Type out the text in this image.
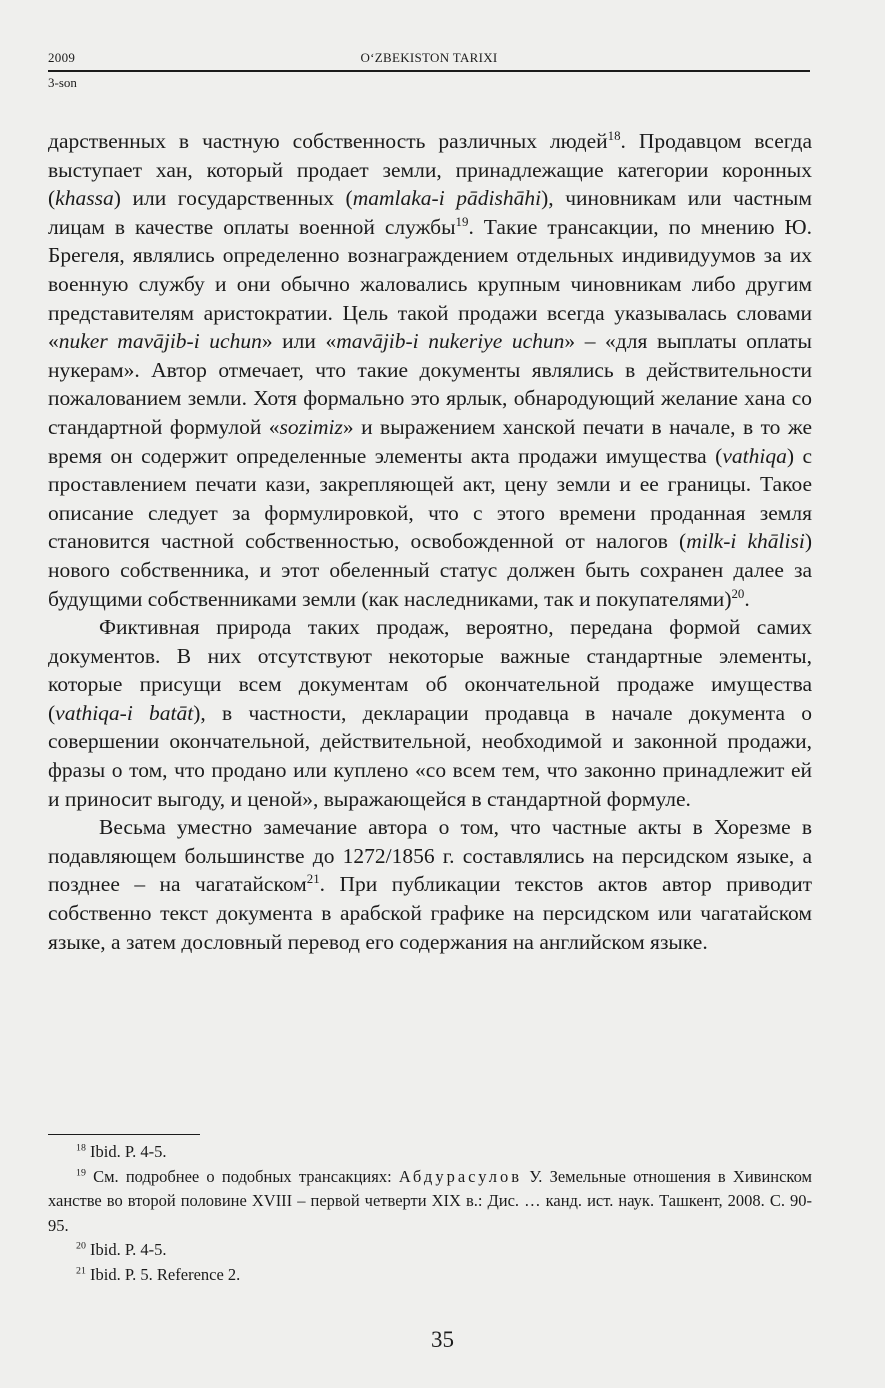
2009	O‘ZBEKISTON TARIXI
3-son

дарственных в частную собственность различных людей$^{18}$. Продавцом всегда выступает хан, который продает земли, принадлежащие категории коронных (khassa) или государственных (mamlaka-i pādishāhi), чиновникам или частным лицам в качестве оплаты военной службы$^{19}$. Такие трансакции, по мнению Ю. Брегеля, являлись определенно вознаграждением отдельных индивидуумов за их военную службу и они обычно жаловались крупным чиновникам либо другим представителям аристократии. Цель такой продажи всегда указывалась словами «nuker mavājib-i uchun» или «mavājib-i nukeriye uchun» – «для выплаты оплаты нукерам». Автор отмечает, что такие документы являлись в действительности пожалованием земли. Хотя формально это ярлык, обнародующий желание хана со стандартной формулой «sozimiz» и выражением ханской печати в начале, в то же время он содержит определенные элементы акта продажи имущества (vathiqa) с проставлением печати кази, закрепляющей акт, цену земли и ее границы. Такое описание следует за формулировкой, что с этого времени проданная земля становится частной собственностью, освобожденной от налогов (milk-i khālisi) нового собственника, и этот обеленный статус должен быть сохранен далее за будущими собственниками земли (как наследниками, так и покупателями)$^{20}$.

Фиктивная природа таких продаж, вероятно, передана формой самих документов. В них отсутствуют некоторые важные стандартные элементы, которые присущи всем документам об окончательной продаже имущества (vathiqa-i batāt), в частности, декларации продавца в начале документа о совершении окончательной, действительной, необходимой и законной продажи, фразы о том, что продано или куплено «со всем тем, что законно принадлежит ей и приносит выгоду, и ценой», выражающейся в стандартной формуле.

Весьма уместно замечание автора о том, что частные акты в Хорезме в подавляющем большинстве до 1272/1856 г. составлялись на персидском языке, а позднее – на чагатайском$^{21}$. При публикации текстов актов автор приводит собственно текст документа в арабской графике на персидском или чагатайском языке, а затем дословный перевод его содержания на английском языке.

$^{18}$ Ibid. P. 4-5.

$^{19}$ См. подробнее о подобных трансакциях: Абдурасулов У. Земельные отношения в Хивинском ханстве во второй половине XVIII – первой четверти XIX в.: Дис. … канд. ист. наук. Ташкент, 2008. С. 90-95.

$^{20}$ Ibid. P. 4-5.

$^{21}$ Ibid. P. 5. Reference 2.

35
